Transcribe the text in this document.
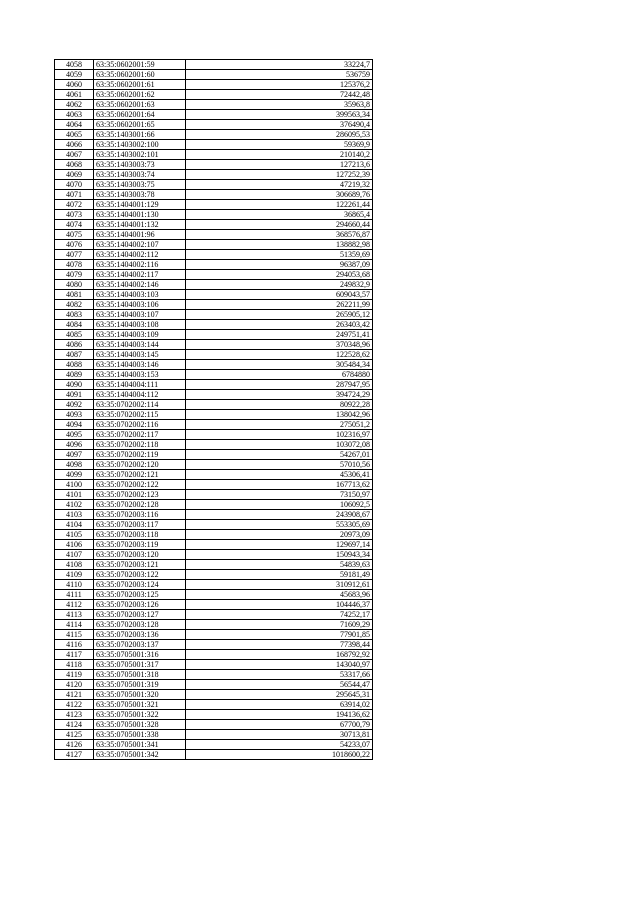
4058	63:35:0602001:59	33224,7
4059	63:35:0602001:60	536759
4060	63:35:0602001:61	125376,2
4061	63:35:0602001:62	72442,48
4062	63:35:0602001:63	35963,8
4063	63:35:0602001:64	399563,34
4064	63:35:0602001:65	376490,4
4065	63:35:1403001:66	286095,53
4066	63:35:1403002:100	59369,9
4067	63:35:1403002:101	210140,2
4068	63:35:1403003:73	127213,6
4069	63:35:1403003:74	127252,39
4070	63:35:1403003:75	47219,32
4071	63:35:1403003:78	306689,76
4072	63:35:1404001:129	122261,44
4073	63:35:1404001:130	36865,4
4074	63:35:1404001:132	294660,44
4075	63:35:1404001:96	368576,87
4076	63:35:1404002:107	138882,98
4077	63:35:1404002:112	51359,69
4078	63:35:1404002:116	96387,09
4079	63:35:1404002:117	294053,68
4080	63:35:1404002:146	249832,9
4081	63:35:1404003:103	609043,57
4082	63:35:1404003:106	262211,99
4083	63:35:1404003:107	265905,12
4084	63:35:1404003:108	263403,42
4085	63:35:1404003:109	249751,41
4086	63:35:1404003:144	370348,96
4087	63:35:1404003:145	122528,62
4088	63:35:1404003:146	305484,34
4089	63:35:1404003:153	6784880
4090	63:35:1404004:111	287947,95
4091	63:35:1404004:112	394724,29
4092	63:35:0702002:114	80922,28
4093	63:35:0702002:115	138042,96
4094	63:35:0702002:116	275051,2
4095	63:35:0702002:117	102316,97
4096	63:35:0702002:118	103072,08
4097	63:35:0702002:119	54267,01
4098	63:35:0702002:120	57010,56
4099	63:35:0702002:121	45306,41
4100	63:35:0702002:122	167713,62
4101	63:35:0702002:123	73150,97
4102	63:35:0702002:128	106092,5
4103	63:35:0702003:116	243908,67
4104	63:35:0702003:117	553305,69
4105	63:35:0702003:118	20973,09
4106	63:35:0702003:119	129697,14
4107	63:35:0702003:120	150943,34
4108	63:35:0702003:121	54839,63
4109	63:35:0702003:122	59181,49
4110	63:35:0702003:124	310912,61
4111	63:35:0702003:125	45683,96
4112	63:35:0702003:126	104446,37
4113	63:35:0702003:127	74252,17
4114	63:35:0702003:128	71609,29
4115	63:35:0702003:136	77901,85
4116	63:35:0702003:137	77398,44
4117	63:35:0705001:316	168792,92
4118	63:35:0705001:317	143040,97
4119	63:35:0705001:318	53317,66
4120	63:35:0705001:319	56544,47
4121	63:35:0705001:320	295645,31
4122	63:35:0705001:321	63914,02
4123	63:35:0705001:322	194136,62
4124	63:35:0705001:328	67700,79
4125	63:35:0705001:338	30713,81
4126	63:35:0705001:341	54233,07
4127	63:35:0705001:342	1018600,22
